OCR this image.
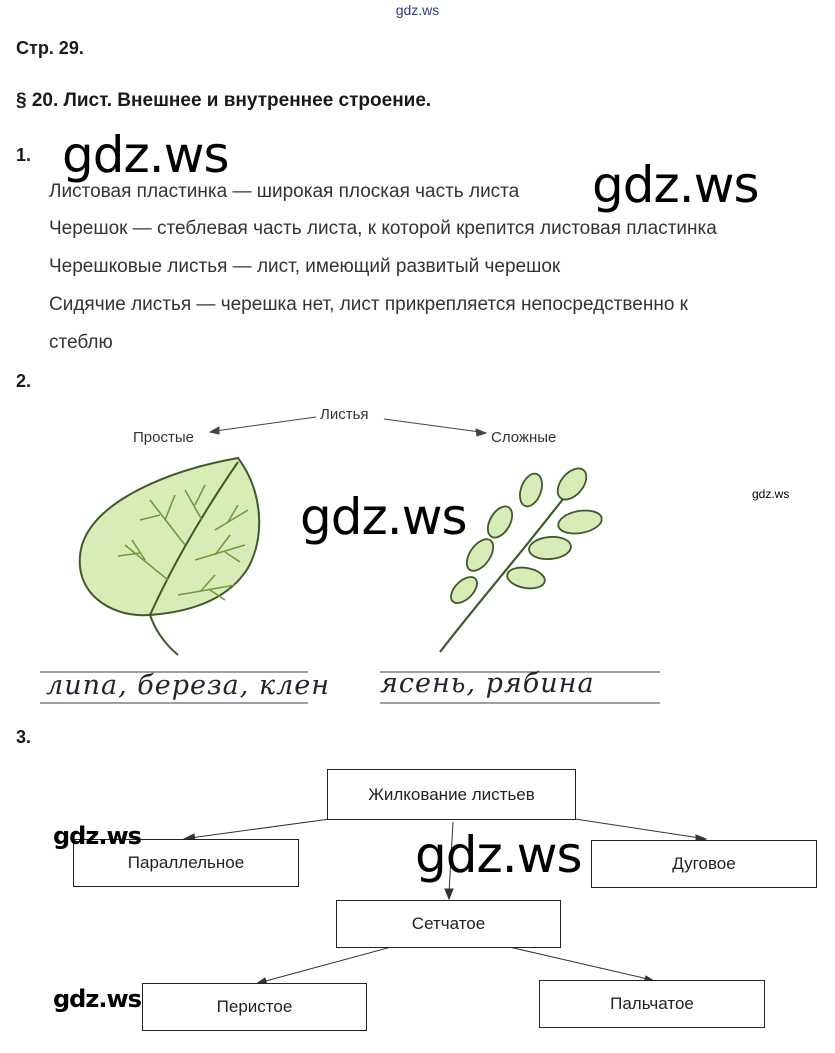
gdz.ws
Стр. 29.
§ 20. Лист. Внешнее и внутреннее строение.
1.
Листовая пластинка — широкая плоская часть листа
Черешок — стеблевая часть листа, к которой крепится листовая пластинка
Черешковые листья — лист, имеющий развитый черешок
Сидячие листья — черешка нет, лист прикрепляется непосредственно к
стеблю
gdz.ws
gdz.ws
2.
Листья
Простые	Сложные
gdz.ws
gdz.ws
липа, береза, клен ясень, рябина
3.
Жилкование листьев
Параллельное	Дуговое
Сетчатое
Перистое	Пальчатое
gdz.ws	gdz.ws
gdz.ws
